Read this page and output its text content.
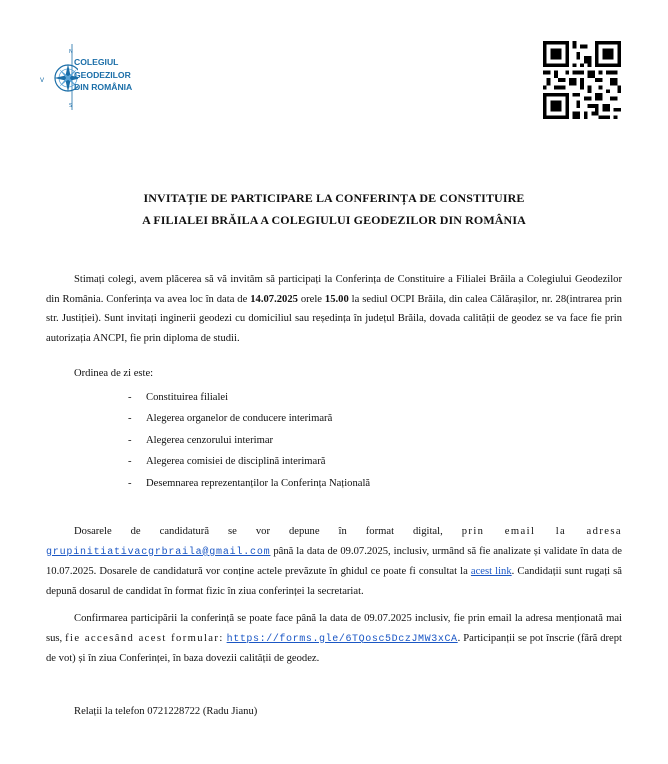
V
N
S
COLEGIUL
GEODEZILOR
DIN ROMÂNIA
INVITAȚIE DE PARTICIPARE LA CONFERINȚA DE CONSTITUIRE
A FILIALEI BRĂILA A COLEGIULUI GEODEZILOR DIN ROMÂNIA
Stimați colegi, avem plăcerea să vă invităm să participați la Conferința de Constituire a Filialei Brăila a Colegiului Geodezilor din România. Conferința va avea loc în data de 14.07.2025 orele 15.00 la sediul OCPI Brăila, din calea Călărașilor, nr. 28(intrarea prin str. Justiției). Sunt invitați inginerii geodezi cu domiciliul sau reședința în județul Brăila, dovada calității de geodez se va face fie prin autorizația ANCPI, fie prin diploma de studii.
Ordinea de zi este:
- Constituirea filialei
- Alegerea organelor de conducere interimară
- Alegerea cenzorului interimar
- Alegerea comisiei de disciplină interimară
- Desemnarea reprezentanților la Conferința Națională
Dosarele de candidatură se vor depune în format digital, prin email la adresa grupinitiativacgrbraila@gmail.com până la data de 09.07.2025, inclusiv, urmând să fie analizate și validate în data de 10.07.2025. Dosarele de candidatură vor conține actele prevăzute în ghidul ce poate fi consultat la acest link. Candidații sunt rugați să depună dosarul de candidat în format fizic în ziua conferinței la secretariat.
Confirmarea participării la conferință se poate face până la data de 09.07.2025 inclusiv, fie prin email la adresa menționată mai sus, fie accesând acest formular: https://forms.gle/6TQosc5DczJMW3xCA. Participanții se pot înscrie (fără drept de vot) și în ziua Conferinței, în baza dovezii calității de geodez.
Relații la telefon 0721228722 (Radu Jianu)
